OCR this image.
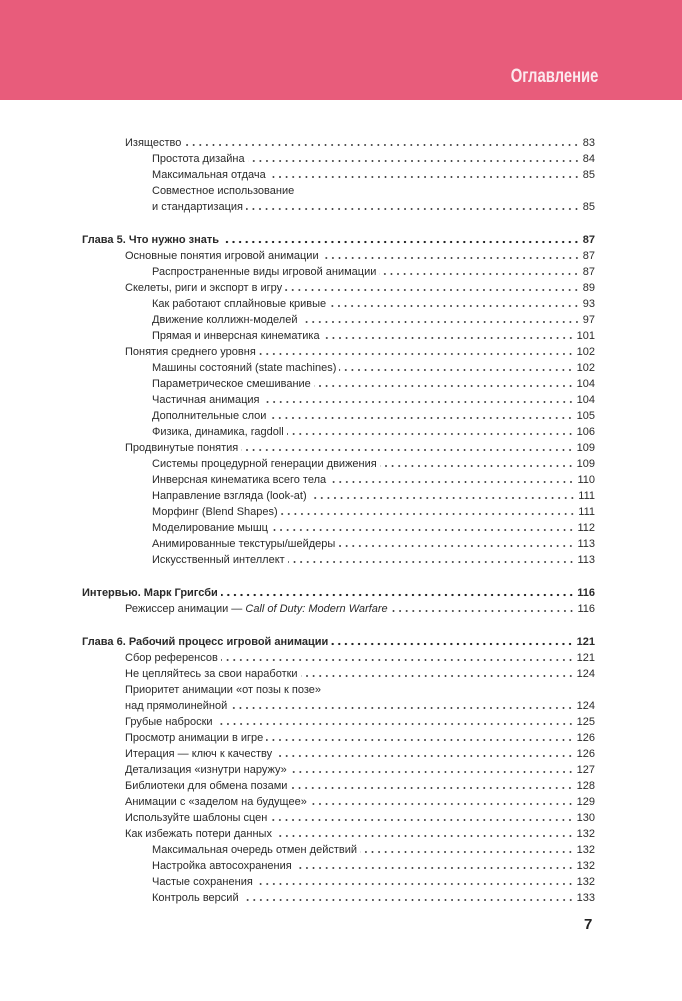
Оглавление
Изящество	83
Простота дизайна	84
Максимальная отдача	85
Совместное использование
и стандартизация	85
Глава 5. Что нужно знать	87
Основные понятия игровой анимации	87
Распространенные виды игровой анимации	87
Скелеты, риги и экспорт в игру	89
Как работают сплайновые кривые	93
Движение коллижн-моделей	97
Прямая и инверсная кинематика	101
Понятия среднего уровня	102
Машины состояний (state machines)	102
Параметрическое смешивание	104
Частичная анимация	104
Дополнительные слои	105
Физика, динамика, ragdoll	106
Продвинутые понятия	109
Системы процедурной генерации движения	109
Инверсная кинематика всего тела	110
Направление взгляда (look-at)	111
Морфинг (Blend Shapes)	111
Моделирование мышц	112
Анимированные текстуры/шейдеры	113
Искусственный интеллект	113
Интервью. Марк Григсби	116
Режиссер анимации — Call of Duty: Modern Warfare	116
Глава 6. Рабочий процесс игровой анимации	121
Сбор референсов	121
Не цепляйтесь за свои наработки	124
Приоритет анимации «от позы к позе»
над прямолинейной	124
Грубые наброски	125
Просмотр анимации в игре	126
Итерация — ключ к качеству	126
Детализация «изнутри наружу»	127
Библиотеки для обмена позами	128
Анимации с «заделом на будущее»	129
Используйте шаблоны сцен	130
Как избежать потери данных	132
Максимальная очередь отмен действий	132
Настройка автосохранения	132
Частые сохранения	132
Контроль версий	133
7
